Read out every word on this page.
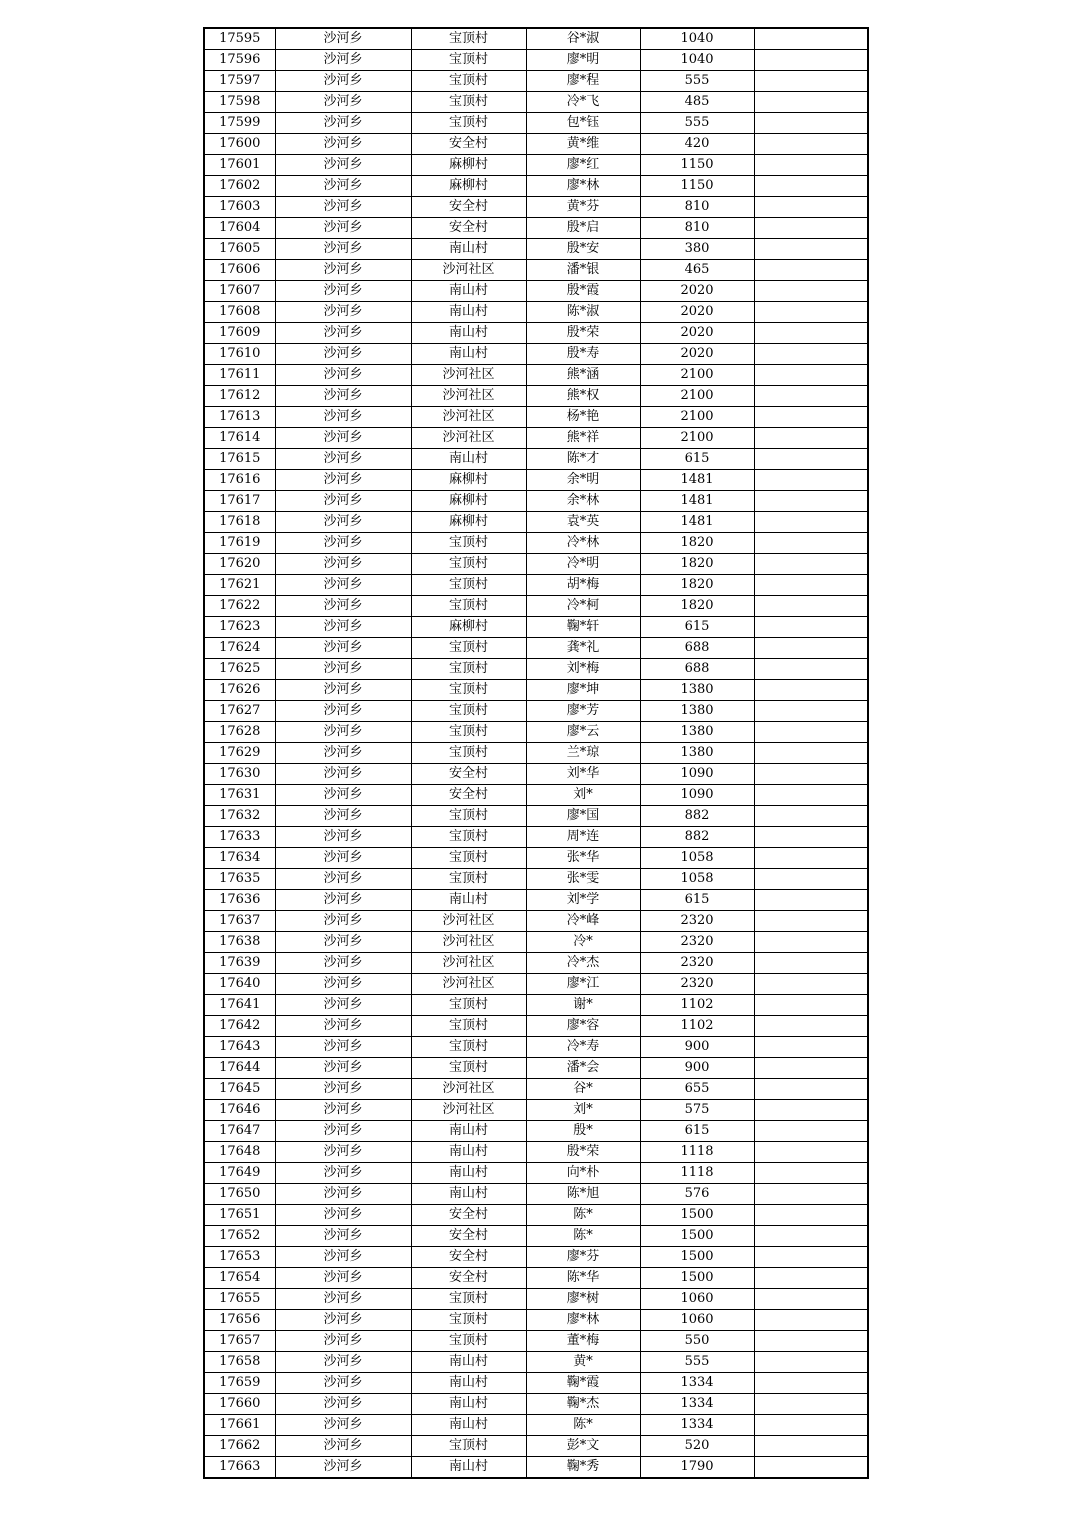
17595	沙河乡	宝顶村	谷*淑	1040	
17596	沙河乡	宝顶村	廖*明	1040	
17597	沙河乡	宝顶村	廖*程	555	
17598	沙河乡	宝顶村	冷*飞	485	
17599	沙河乡	宝顶村	包*钰	555	
17600	沙河乡	安全村	黄*维	420	
17601	沙河乡	麻柳村	廖*红	1150	
17602	沙河乡	麻柳村	廖*林	1150	
17603	沙河乡	安全村	黄*芬	810	
17604	沙河乡	安全村	殷*启	810	
17605	沙河乡	南山村	殷*安	380	
17606	沙河乡	沙河社区	潘*银	465	
17607	沙河乡	南山村	殷*霞	2020	
17608	沙河乡	南山村	陈*淑	2020	
17609	沙河乡	南山村	殷*荣	2020	
17610	沙河乡	南山村	殷*寿	2020	
17611	沙河乡	沙河社区	熊*涵	2100	
17612	沙河乡	沙河社区	熊*权	2100	
17613	沙河乡	沙河社区	杨*艳	2100	
17614	沙河乡	沙河社区	熊*祥	2100	
17615	沙河乡	南山村	陈*才	615	
17616	沙河乡	麻柳村	余*明	1481	
17617	沙河乡	麻柳村	余*林	1481	
17618	沙河乡	麻柳村	袁*英	1481	
17619	沙河乡	宝顶村	冷*林	1820	
17620	沙河乡	宝顶村	冷*明	1820	
17621	沙河乡	宝顶村	胡*梅	1820	
17622	沙河乡	宝顶村	冷*柯	1820	
17623	沙河乡	麻柳村	鞠*轩	615	
17624	沙河乡	宝顶村	龚*礼	688	
17625	沙河乡	宝顶村	刘*梅	688	
17626	沙河乡	宝顶村	廖*坤	1380	
17627	沙河乡	宝顶村	廖*芳	1380	
17628	沙河乡	宝顶村	廖*云	1380	
17629	沙河乡	宝顶村	兰*琼	1380	
17630	沙河乡	安全村	刘*华	1090	
17631	沙河乡	安全村	刘*	1090	
17632	沙河乡	宝顶村	廖*国	882	
17633	沙河乡	宝顶村	周*连	882	
17634	沙河乡	宝顶村	张*华	1058	
17635	沙河乡	宝顶村	张*雯	1058	
17636	沙河乡	南山村	刘*学	615	
17637	沙河乡	沙河社区	冷*峰	2320	
17638	沙河乡	沙河社区	冷*	2320	
17639	沙河乡	沙河社区	冷*杰	2320	
17640	沙河乡	沙河社区	廖*江	2320	
17641	沙河乡	宝顶村	谢*	1102	
17642	沙河乡	宝顶村	廖*容	1102	
17643	沙河乡	宝顶村	冷*寿	900	
17644	沙河乡	宝顶村	潘*会	900	
17645	沙河乡	沙河社区	谷*	655	
17646	沙河乡	沙河社区	刘*	575	
17647	沙河乡	南山村	殷*	615	
17648	沙河乡	南山村	殷*荣	1118	
17649	沙河乡	南山村	向*朴	1118	
17650	沙河乡	南山村	陈*旭	576	
17651	沙河乡	安全村	陈*	1500	
17652	沙河乡	安全村	陈*	1500	
17653	沙河乡	安全村	廖*芬	1500	
17654	沙河乡	安全村	陈*华	1500	
17655	沙河乡	宝顶村	廖*树	1060	
17656	沙河乡	宝顶村	廖*林	1060	
17657	沙河乡	宝顶村	董*梅	550	
17658	沙河乡	南山村	黄*	555	
17659	沙河乡	南山村	鞠*霞	1334	
17660	沙河乡	南山村	鞠*杰	1334	
17661	沙河乡	南山村	陈*	1334	
17662	沙河乡	宝顶村	彭*文	520	
17663	沙河乡	南山村	鞠*秀	1790	
